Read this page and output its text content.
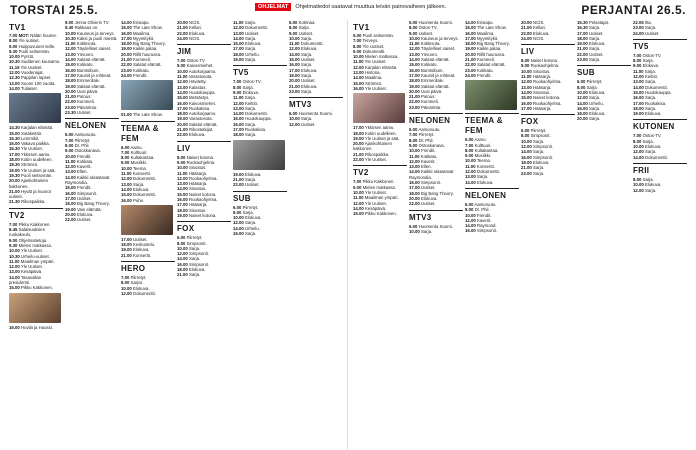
TORSTAI 25.5.	OHJELMAT Ohjelmatiedot saatavat muuttua leivän painovaiheen jälkeen.	PERJANTAI 26.5.
TV1

7.00 MOT: Nälän huume.

8.00 Yle uutiset.

9.00 Huippuvuoret teille.

9.30 Puoli seitsemän.

10.00 Pyrstö.

10.30 Suddenen kuusamo.

11.15 Yle Uutiset.

12.00 Vuodenajat.

12.30 Pappilan lapset.

13.00 Suomi 100 vuotta.

14.00 Tuliaiset.

14.30 Karjalan elämää.

15.00 Sotakeittiö.

15.30 Lemmikit.

16.00 Vakava paikka.

16.30 Yle Uutiset.

17.00 Ykkösen aamu.

18.00 Kotiin uudelleen.

18.30 Strömsö.

19.00 Yle Uutiset ja sää.

19.30 Puoli seitsemän.

20.00 Ajankohtainen kakkonen.

21.00 Hyvät ja huonot uutiset.

21.30 Rikospaikka.

TV2

7.00 Pikku Kakkonen.

8.45 Salaisuuksien ruokakoulu.

9.00 Ohjelmatietoja.

9.30 Mielen matkassa.

10.00 Yle Uutiset.

10.30 Urheilu-uutiset.

11.00 Maailman ympäri.

12.00 Yle Uutiset.

13.00 Kesäpäivä.

14.00 Tasavallan presidentti.

15.00 Pikku Kakkonen.

16.00 Huvila ja Huussi.

9.00 Jenna Oliverin TV.

9.40 Rakkaus on.

10.00 Kauneus ja terveys.

10.30 Kaksi ja puoli miestä.

11.00 Kokkisota.

12.00 Täydelliset naiset.

13.00 Yövuoro.

14.00 Salatut elämät.

15.00 Kotikatu.

16.00 Bumtsibum.

17.00 Kauniit ja rohkeat.

18.00 Emmerdale.

19.00 Salatut elämät.

20.00 Uusi päivä.

21.00 Putous.

22.00 Kummeli.

23.00 Päivärinta.

23.30 Uutiset.

NELONEN

6.00 Aamuruutu.

7.00 Piirretyt.

8.00 Dr. Phil.

9.00 Ostoskanava.

10.00 Frendit.

11.00 Kotikatu.

12.00 Kaverit.

13.00 Ellen.

14.00 Kaikki rakastavat Raymondia.

15.00 Frendit.

16.00 Simpsonit.

17.00 Uutiset.

18.00 Big Bang Theory.

19.00 Vain elämää.

20.00 Elokuva.

22.00 Uutiset.

14.00 Ensiapu.

15.00 The Late Show.

16.00 Maailma.

17.00 Myyntitykit.

18.00 Big Bang Theory.

19.00 Kaikki palaa.

20.00 Rillit huurussa.

21.00 Kummeli.

22.00 Salatut elämät.

23.00 Kotikatu.

24.00 Frendit.

01.00 The Late Show.

TEEMA & FEM

6.00 Aamu.

7.00 Kulttuuri.

8.00 Kultakantaa.

9.00 Musiikki.

10.00 Teema.

11.00 Konsertti.

12.00 Dokumentti.

13.00 Sarja.

14.00 Elokuva.

15.00 Dokumentti.

16.00 Puhe.

17.00 Uutiset.

18.00 Keskustelu.

19.00 Elokuva.

21.00 Konsertti.

HERO

7.00 Piirretyt.

8.00 Sarjat.

10.00 Elokuva.

12.00 Dokumentti.

20.00 NCIS.

21.00 Kellari.

22.00 Elokuva.

24.00 NCIS.

JIM

7.00 Ostos-TV.

9.00 Kaivosmiehet.

10.00 Autokorjaamo.

11.00 Varastosota.

12.00 Hävitetty.

13.00 Kalastus.

14.00 Huutokauppa.

15.00 Metsästys.

16.00 Kaivosmiehet.

17.00 Ruokakisa.

18.00 Autokorjaamo.

19.00 Varastosota.

20.00 Salatut elämät.

21.00 Rikostutkijat.

22.00 Elokuva.

LIV

8.00 Naiset kotona.

9.00 Ruokaohjelma.

10.00 Sisustus.

11.00 Hääsarja.

12.00 Ruokaohjelma.

13.00 Hääsarja.

14.00 Sisustus.

15.00 Naiset kotona.

16.00 Ruokaohjelma.

17.00 Hääsarja.

18.00 Sisustus.

19.00 Naiset kotona.

FOX

6.00 Piirretyt.

8.00 Simpsonit.

10.00 Sarja.

12.00 Simpsonit.

14.00 Sarja.

16.00 Simpsonit.

18.00 Elokuva.

21.00 Sarja.

11.00 Sarja.

12.00 Dokumentti.

13.00 Uutiset.

14.00 Sarja.

15.00 Elokuva.

17.00 Sarja.

18.00 Urheilu.

19.00 Sarja.

TV5

7.00 Ostos-TV.

8.00 Sarja.

9.00 Elokuva.

11.00 Sarja.

12.00 Keittiö.

13.00 Sarja.

14.00 Dokumentti.

15.00 Huutokauppa.

16.00 Sarja.

17.00 Ruokakisa.

18.00 Sarja.

19.00 Elokuva.

21.00 Sarja.

22.00 Uutiset.

SUB

6.00 Piirretyt.

8.00 Sarja.

10.00 Elokuva.

12.00 Sarja.

14.00 Urheilu.

16.00 Sarja.

6.00 Kotimaa.

8.00 Sarja.

9.00 Uutiset.

10.00 Sarja.

11.00 Dokumentti.

12.00 Elokuva.

14.00 Sarja.

15.00 Uutiset.

16.00 Sarja.

17.00 Elokuva.

19.00 Sarja.

20.00 Uutiset.

21.00 Elokuva.

23.00 Sarja.

MTV3

6.00 Huomenta Suomi.

10.00 Sarja.

12.00 Uutiset.

TV1

5.00 Puoli seitsemän.

7.00 Terveys.

8.00 Yle Uutiset.

9.00 Dokumentti.

10.00 Mielen matkassa.

11.00 Yle Uutiset.

12.00 Karjalan elämää.

13.00 Historia.

14.00 Maailma.

15.00 Strömsö.

16.00 Yle Uutiset.

17.00 Ykkösen aamu.

18.00 Kotiin uudelleen.

19.00 Yle Uutiset ja sää.

20.00 Ajankohtainen kakkonen.

21.00 Rikospaikka.

22.00 Yle Uutiset.

TV2

7.00 Pikku Kakkonen.

9.00 Mielen matkassa.

10.00 Yle Uutiset.

11.00 Maailman ympäri.

12.00 Yle Uutiset.

14.00 Kesäpäivä.

15.00 Pikku Kakkonen.

5.00 Huomenta Suomi.

8.00 Ostos-TV.

9.00 Uutiset.

10.00 Kauneus ja terveys.

11.00 Kokkisota.

12.00 Täydelliset naiset.

13.00 Yövuoro.

14.00 Salatut elämät.

15.00 Kotikatu.

16.00 Bumtsibum.

17.00 Kauniit ja rohkeat.

18.00 Emmerdale.

19.00 Salatut elämät.

20.00 Uusi päivä.

21.00 Putous.

22.00 Kummeli.

23.00 Päivärinta.

NELONEN

6.00 Aamuruutu.

7.00 Piirretyt.

8.00 Dr. Phil.

9.00 Ostoskanava.

10.00 Frendit.

11.00 Kotikatu.

12.00 Kaverit.

13.00 Ellen.

14.00 Kaikki rakastavat Raymondia.

16.00 Simpsonit.

17.00 Uutiset.

18.00 Big Bang Theory.

20.00 Elokuva.

22.00 Uutiset.

MTV3

6.00 Huomenta Suomi.

10.00 Sarja.

14.00 Ensiapu.

15.00 The Late Show.

16.00 Maailma.

17.00 Myyntitykit.

18.00 Big Bang Theory.

19.00 Kaikki palaa.

20.00 Rillit huurussa.

21.00 Kummeli.

22.00 Salatut elämät.

23.00 Kotikatu.

24.00 Frendit.

TEEMA & FEM

6.00 Aamu.

7.00 Kulttuuri.

8.00 Kultakantaa.

9.00 Musiikki.

10.00 Teema.

11.00 Konsertti.

12.00 Dokumentti.

13.00 Sarja.

14.00 Elokuva.

NELONEN

6.00 Aamuruutu.

8.00 Dr. Phil.

10.00 Frendit.

12.00 Kaverit.

14.00 Raymond.

16.00 Simpsonit.

20.00 NCIS.

21.00 Kellari.

22.00 Elokuva.

24.00 NCIS.

LIV

8.00 Naiset kotona.

9.00 Ruokaohjelma.

10.00 Sisustus.

11.00 Hääsarja.

12.00 Ruokaohjelma.

13.00 Hääsarja.

14.00 Sisustus.

15.00 Naiset kotona.

16.00 Ruokaohjelma.

17.00 Hääsarja.

FOX

6.00 Piirretyt.

8.00 Simpsonit.

10.00 Sarja.

12.00 Simpsonit.

14.00 Sarja.

16.00 Simpsonit.

18.00 Elokuva.

21.00 Sarja.

23.00 Sarja.

15.30 Pelastajat.

16.30 Sarja.

17.00 Uutiset.

18.00 Sarja.

19.00 Elokuva.

21.00 Sarja.

22.00 Uutiset.

23.00 Sarja.

SUB

6.00 Piirretyt.

8.00 Sarja.

10.00 Elokuva.

12.00 Sarja.

14.00 Urheilu.

16.00 Sarja.

18.00 Elokuva.

20.00 Sarja.

22.05 Ilta.

23.00 Sarja.

24.00 Uutiset.

TV5

7.00 Ostos-TV.

8.00 Sarja.

9.00 Elokuva.

11.00 Sarja.

12.00 Keittiö.

13.00 Sarja.

14.00 Dokumentti.

15.00 Huutokauppa.

16.00 Sarja.

17.00 Ruokakisa.

18.00 Sarja.

19.00 Elokuva.

KUTONEN

7.00 Ostos-TV.

8.00 Sarja.

10.00 Elokuva.

12.00 Sarja.

14.00 Dokumentti.

FRII

8.00 Sarja.

10.00 Elokuva.

12.00 Sarja.
